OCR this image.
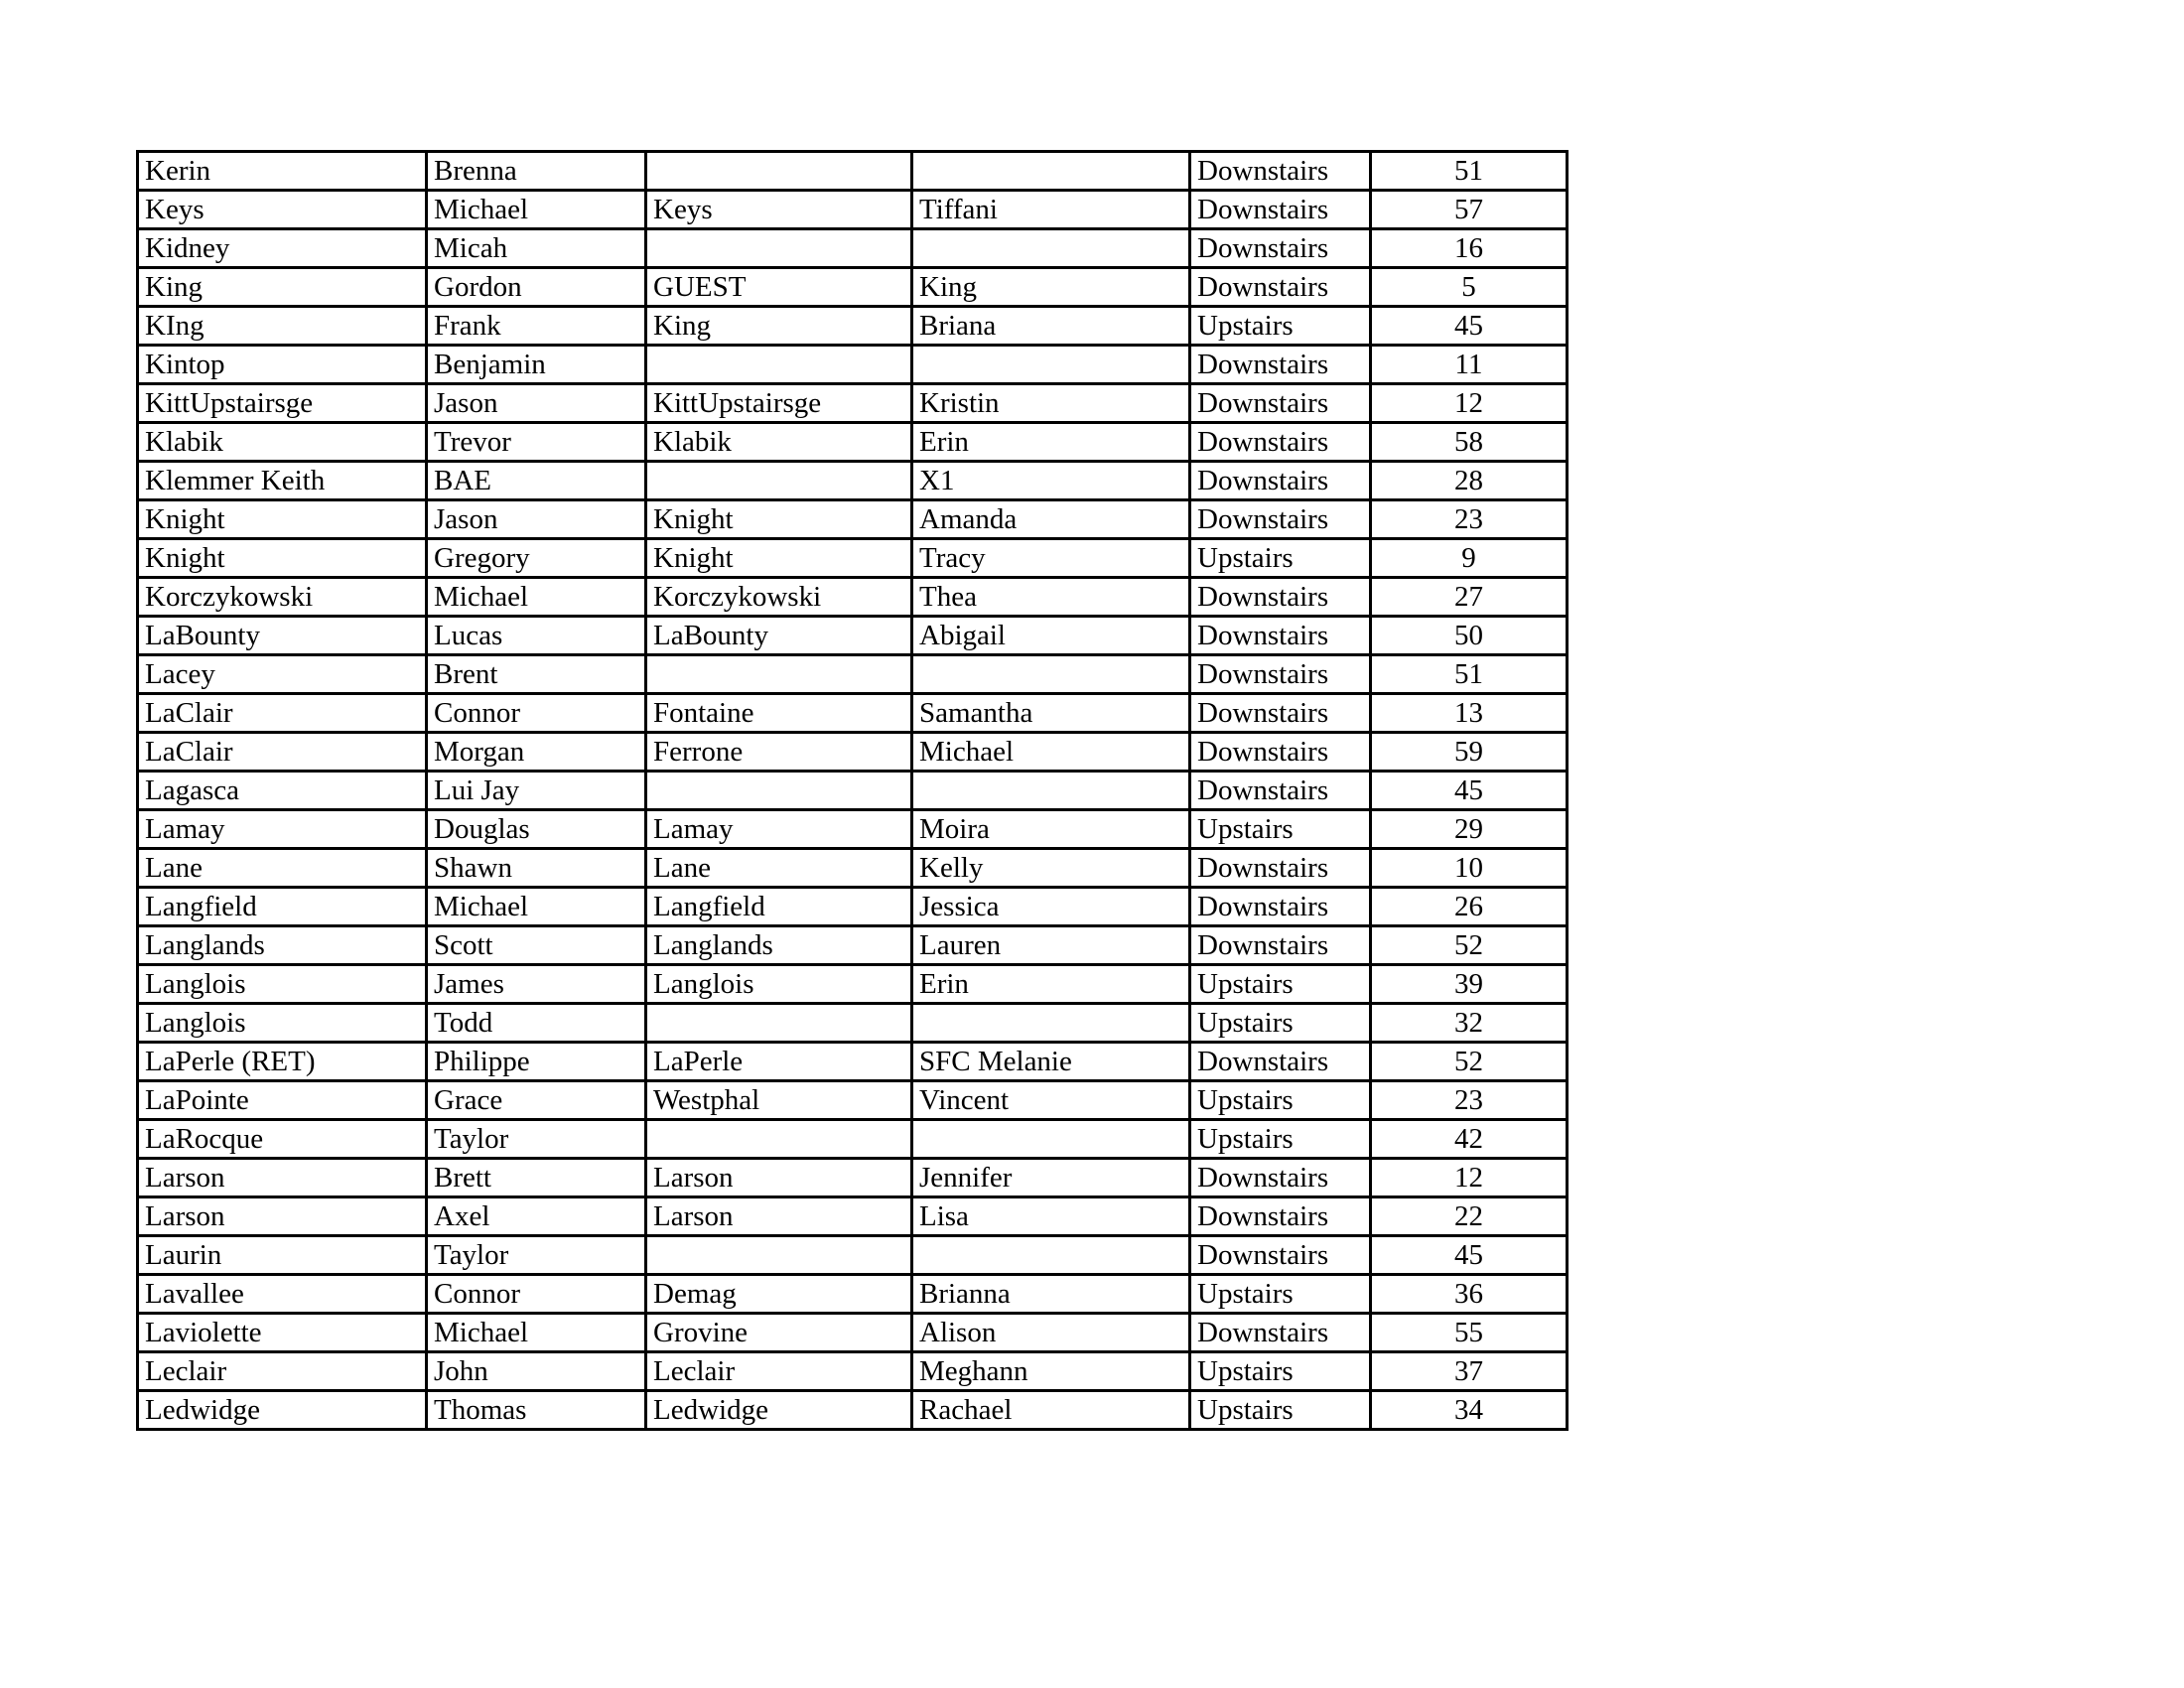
Kerin	Brenna			Downstairs	51
Keys	Michael	Keys	Tiffani	Downstairs	57
Kidney	Micah			Downstairs	16
King	Gordon	GUEST	King	Downstairs	5
KIng	Frank	King	Briana	Upstairs	45
Kintop	Benjamin			Downstairs	11
KittUpstairsge	Jason	KittUpstairsge	Kristin	Downstairs	12
Klabik	Trevor	Klabik	Erin	Downstairs	58
Klemmer Keith	BAE		X1	Downstairs	28
Knight	Jason	Knight	Amanda	Downstairs	23
Knight	Gregory	Knight	Tracy	Upstairs	9
Korczykowski	Michael	Korczykowski	Thea	Downstairs	27
LaBounty	Lucas	LaBounty	Abigail	Downstairs	50
Lacey	Brent			Downstairs	51
LaClair	Connor	Fontaine	Samantha	Downstairs	13
LaClair	Morgan	Ferrone	Michael	Downstairs	59
Lagasca	Lui Jay			Downstairs	45
Lamay	Douglas	Lamay	Moira	Upstairs	29
Lane	Shawn	Lane	Kelly	Downstairs	10
Langfield	Michael	Langfield	Jessica	Downstairs	26
Langlands	Scott	Langlands	Lauren	Downstairs	52
Langlois	James	Langlois	Erin	Upstairs	39
Langlois	Todd			Upstairs	32
LaPerle (RET)	Philippe	LaPerle	SFC Melanie	Downstairs	52
LaPointe	Grace	Westphal	Vincent	Upstairs	23
LaRocque	Taylor			Upstairs	42
Larson	Brett	Larson	Jennifer	Downstairs	12
Larson	Axel	Larson	Lisa	Downstairs	22
Laurin	Taylor			Downstairs	45
Lavallee	Connor	Demag	Brianna	Upstairs	36
Laviolette	Michael	Grovine	Alison	Downstairs	55
Leclair	John	Leclair	Meghann	Upstairs	37
Ledwidge	Thomas	Ledwidge	Rachael	Upstairs	34
